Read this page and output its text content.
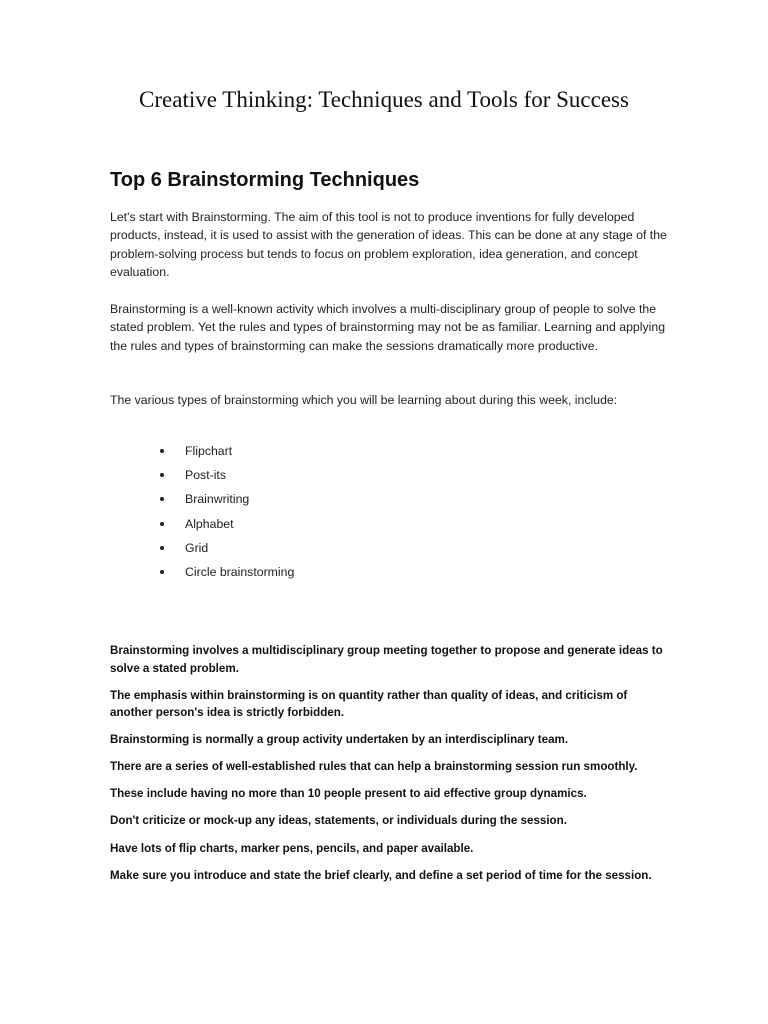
Creative Thinking: Techniques and Tools for Success
Top 6 Brainstorming Techniques

Let's start with Brainstorming. The aim of this tool is not to produce inventions for fully developed products, instead, it is used to assist with the generation of ideas. This can be done at any stage of the problem-solving process but tends to focus on problem exploration, idea generation, and concept evaluation.

Brainstorming is a well-known activity which involves a multi-disciplinary group of people to solve the stated problem. Yet the rules and types of brainstorming may not be as familiar. Learning and applying the rules and types of brainstorming can make the sessions dramatically more productive.

The various types of brainstorming which you will be learning about during this week, include:

Flipchart
Post-its
Brainwriting
Alphabet
Grid
Circle brainstorming

Brainstorming involves a multidisciplinary group meeting together to propose and generate ideas to solve a stated problem.

The emphasis within brainstorming is on quantity rather than quality of ideas, and criticism of another person's idea is strictly forbidden.

Brainstorming is normally a group activity undertaken by an interdisciplinary team.

There are a series of well-established rules that can help a brainstorming session run smoothly.

These include having no more than 10 people present to aid effective group dynamics.

Don't criticize or mock-up any ideas, statements, or individuals during the session.

Have lots of flip charts, marker pens, pencils, and paper available.

Make sure you introduce and state the brief clearly, and define a set period of time for the session.
